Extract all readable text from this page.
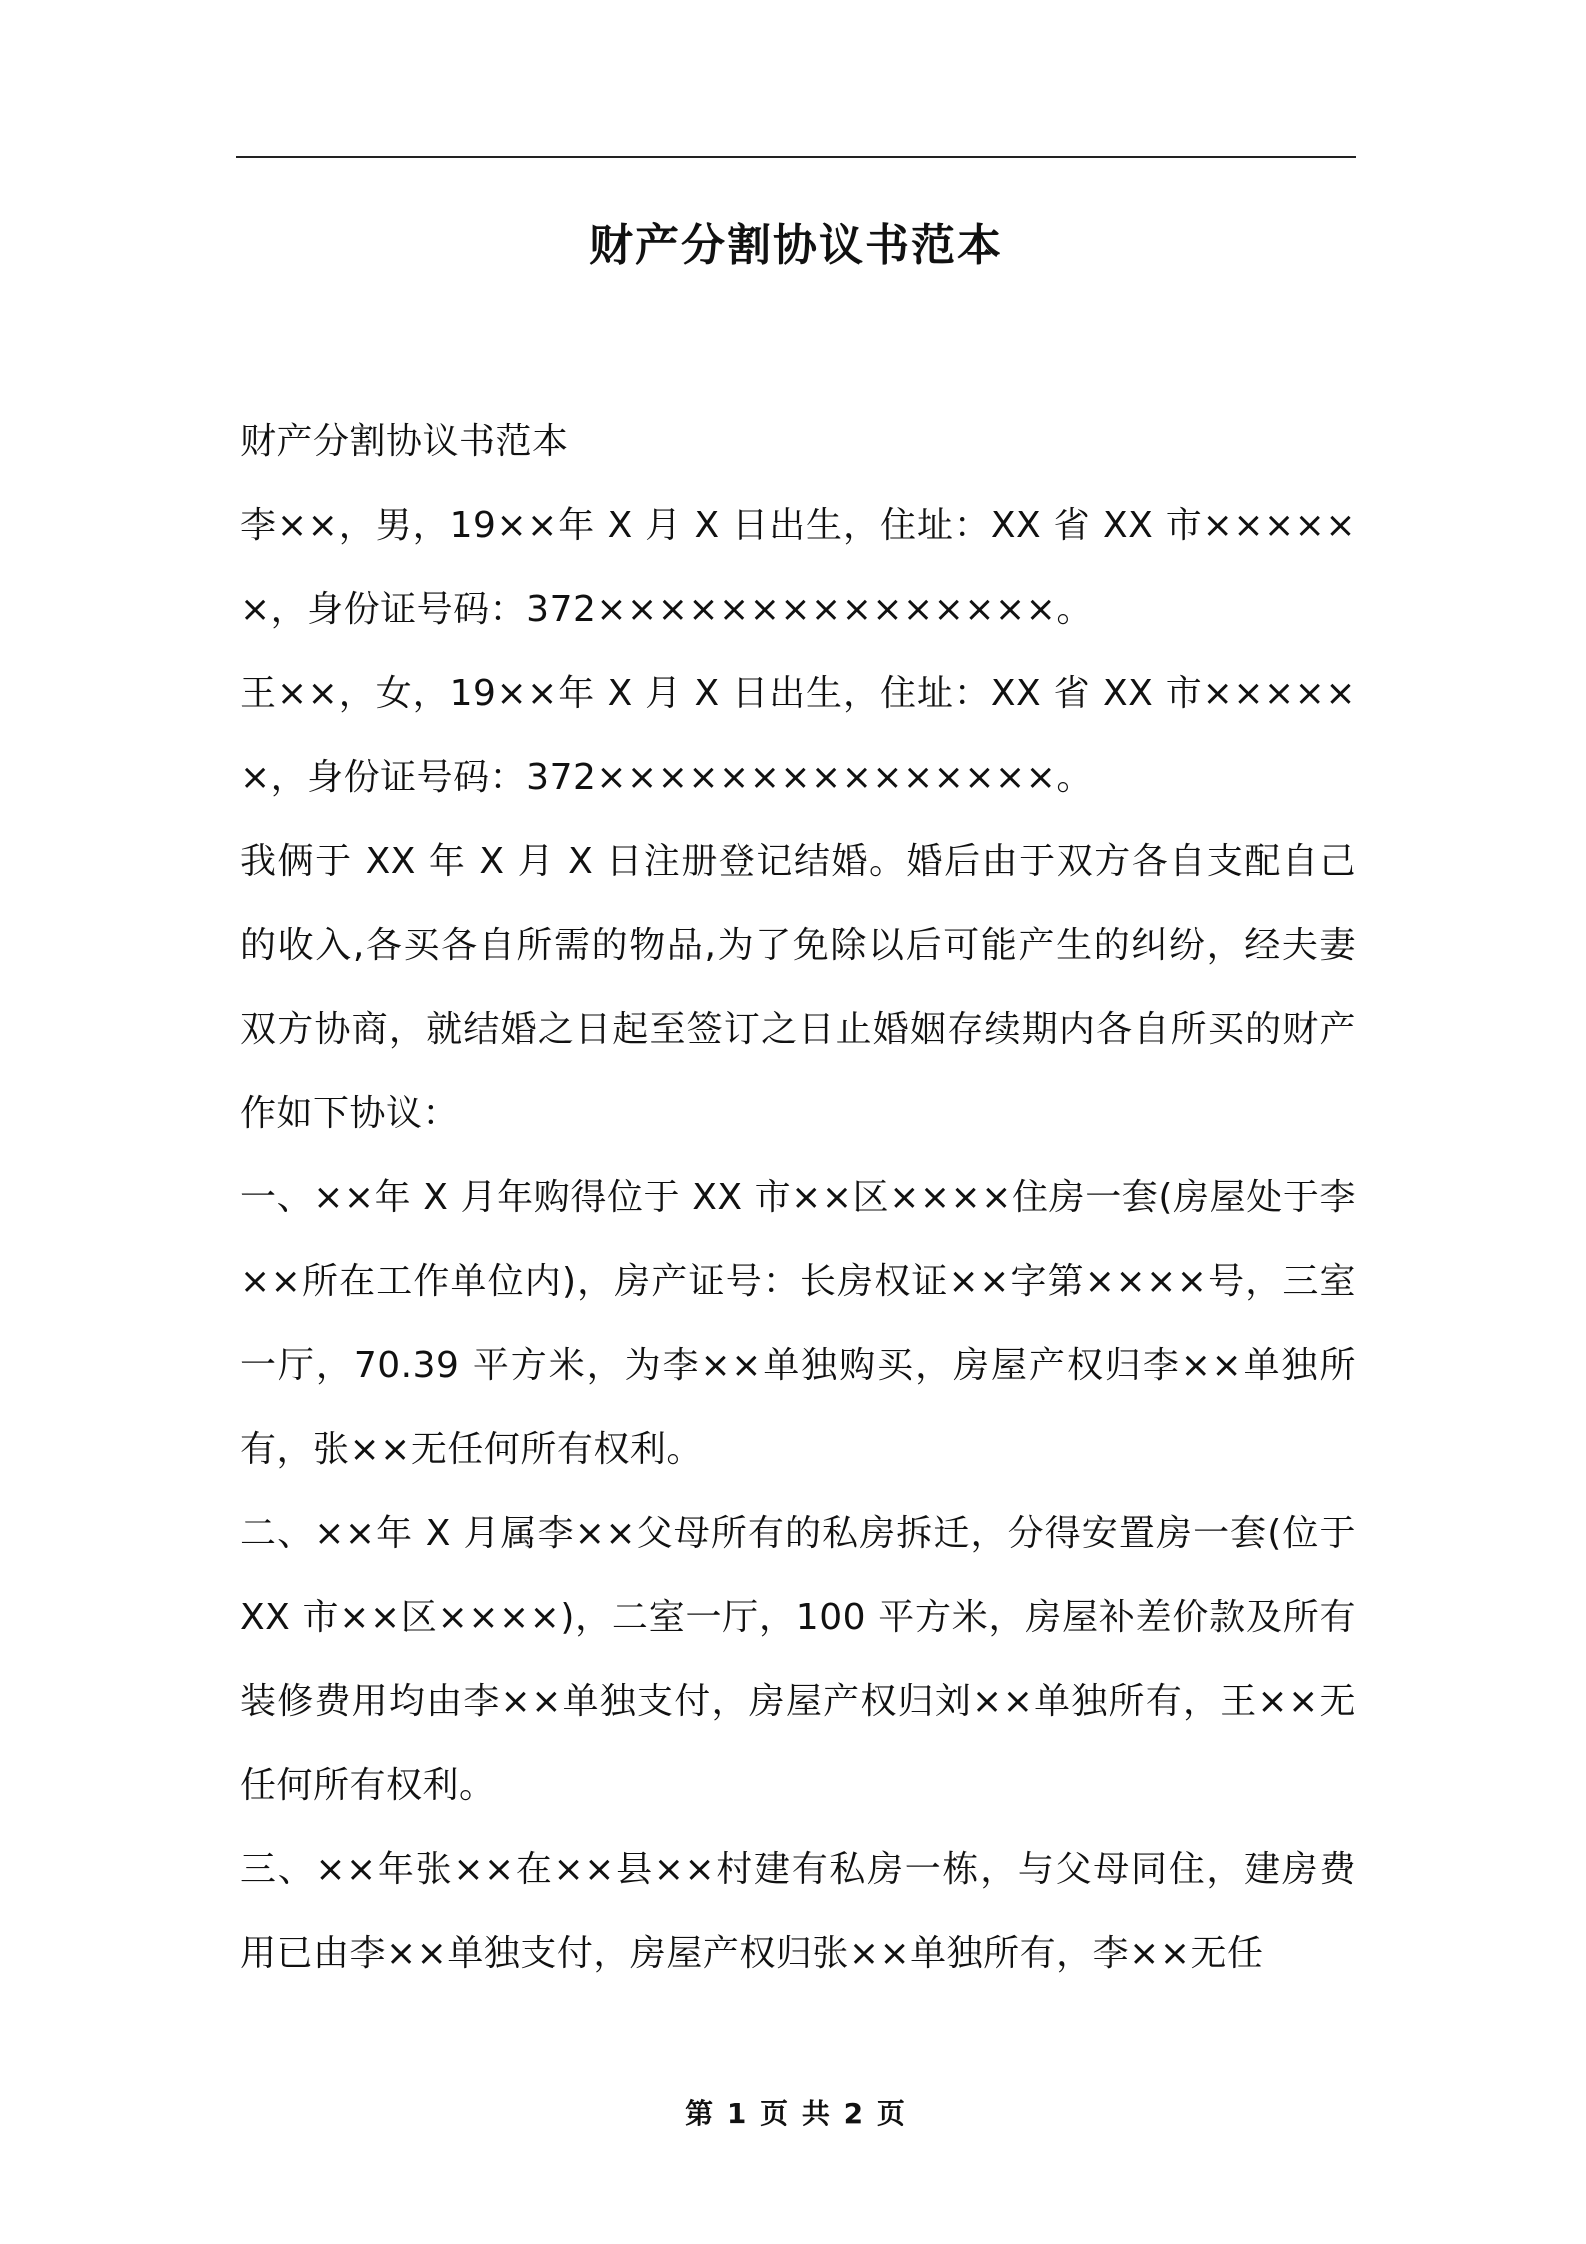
财产分割协议书范本

财产分割协议书范本

李××，男，19××年 X 月 X 日出生，住址：XX 省 XX 市××××××，身份证号码：372×××××××××××××××。

王××，女，19××年 X 月 X 日出生，住址：XX 省 XX 市××××××，身份证号码：372×××××××××××××××。

我俩于 XX 年 X 月 X 日注册登记结婚。婚后由于双方各自支配自己的收入,各买各自所需的物品,为了免除以后可能产生的纠纷，经夫妻双方协商，就结婚之日起至签订之日止婚姻存续期内各自所买的财产作如下协议：

一、××年 X 月年购得位于 XX 市××区××××住房一套(房屋处于李××所在工作单位内)，房产证号：长房权证××字第××××号，三室一厅，70.39 平方米，为李××单独购买，房屋产权归李××单独所有，张××无任何所有权利。

二、××年 X 月属李××父母所有的私房拆迁，分得安置房一套(位于 XX 市××区××××)，二室一厅，100 平方米，房屋补差价款及所有装修费用均由李××单独支付，房屋产权归刘××单独所有，王××无任何所有权利。

三、××年张××在××县××村建有私房一栋，与父母同住，建房费用已由李××单独支付，房屋产权归张××单独所有，李××无任

第 1 页 共 2 页
